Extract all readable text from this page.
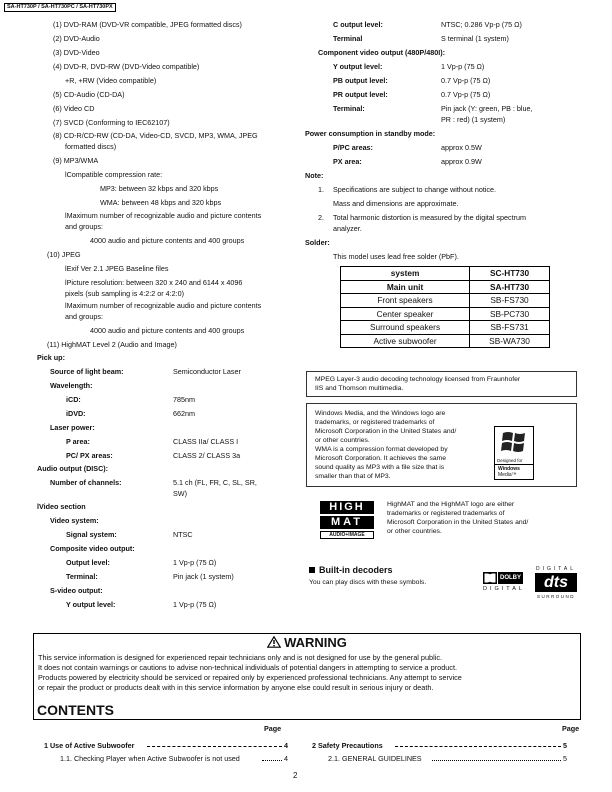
SA-HT730P / SA-HT730PC / SA-HT730PX
(1) DVD-RAM (DVD-VR compatible, JPEG formatted discs)
(2) DVD-Audio
(3) DVD-Video
(4) DVD-R, DVD-RW (DVD-Video compatible)
+R, +RW (Video compatible)
(5) CD-Audio (CD-DA)
(6) Video CD
(7) SVCD (Conforming to IEC62107)
(8) CD-R/CD-RW (CD-DA, Video-CD, SVCD, MP3, WMA, JPEG
formatted discs)
(9) MP3/WMA
lCompatible compression rate:
MP3: between 32 kbps and 320 kbps
WMA: between 48 kbps and 320 kbps
lMaximum number of recognizable audio and picture contents
and groups:
4000 audio and picture contents and 400 groups
(10) JPEG
lExif Ver 2.1 JPEG Baseline files
lPicture resolution: between 320 x 240 and 6144 x 4096
pixels (sub sampling is 4:2:2 or 4:2:0)
lMaximum number of recognizable audio and picture contents
and groups:
4000 audio and picture contents and 400 groups
(11) HighMAT Level 2 (Audio and Image)
Pick up:
Source of light beam:	Semiconductor Laser
Wavelength:
iCD:	785nm
iDVD:	662nm
Laser power:
P area:	CLASS IIa/ CLASS I
PC/ PX areas:	CLASS 2/ CLASS 3a
Audio output (DISC):
Number of channels:	5.1 ch (FL, FR, C, SL, SR,
SW)
lVideo section
Video system:
Signal system:	NTSC
Composite video output:
Output level:	1 Vp-p (75 Ω)
Terminal:	Pin jack (1 system)
S-video output:
Y output level:	1 Vp-p (75 Ω)
C output level:	NTSC; 0.286 Vp-p (75 Ω)
Terminal	S terminal (1 system)
Component video output (480P/480I):
Y output level:	1 Vp-p (75 Ω)
PB output level:	0.7 Vp-p (75 Ω)
PR output level:	0.7 Vp-p (75 Ω)
Terminal:	Pin jack (Y: green, PB : blue,
PR : red) (1 system)
Power consumption in standby mode:
P/PC areas:	approx 0.5W
PX area:	approx 0.9W
Note:
1. Specifications are subject to change without notice.
Mass and dimensions are approximate.
2. Total harmonic distortion is measured by the digital spectrum
analyzer.
Solder:
This model uses lead free solder (PbF).
system	SC-HT730
Main unit	SA-HT730
Front speakers	SB-FS730
Center speaker	SB-PC730
Surround speakers	SB-FS731
Active subwoofer	SB-WA730
MPEG Layer-3 audio decoding technology licensed from Fraunhofer
IIS and Thomson multimedia.
Windows Media, and the Windows logo are
trademarks, or registered trademarks of
Microsoft Corporation in the United States and/
or other countries.
WMA is a compression format developed by
Microsoft Corporation. It achieves the same
sound quality as MP3 with a file size that is
smaller than that of MP3.
Designed for
Windows
Media™
HIGH
MAT
AUDIO+IMAGE
HighMAT and the HighMAT logo are either
trademarks or registered trademarks of
Microsoft Corporation in the United States and/
or other countries.
Built-in decoders
You can play discs with these symbols.
DOLBY
DIGITAL
DIGITAL
dts
SURROUND
WARNING
This service information is designed for experienced repair technicians only and is not designed for use by the general public.
It does not contain warnings or cautions to advise non-technical individuals of potential dangers in attempting to service a product.
Products powered by electricity should be serviced or repaired only by experienced professional technicians. Any attempt to service
or repair the product or products dealt with in this service information by anyone else could result in serious injury or death.
CONTENTS
Page	Page
1 Use of Active Subwoofer	4
1.1. Checking Player when Active Subwoofer is not used	4
2 Safety Precautions	5
2.1. GENERAL GUIDELINES	5
2
